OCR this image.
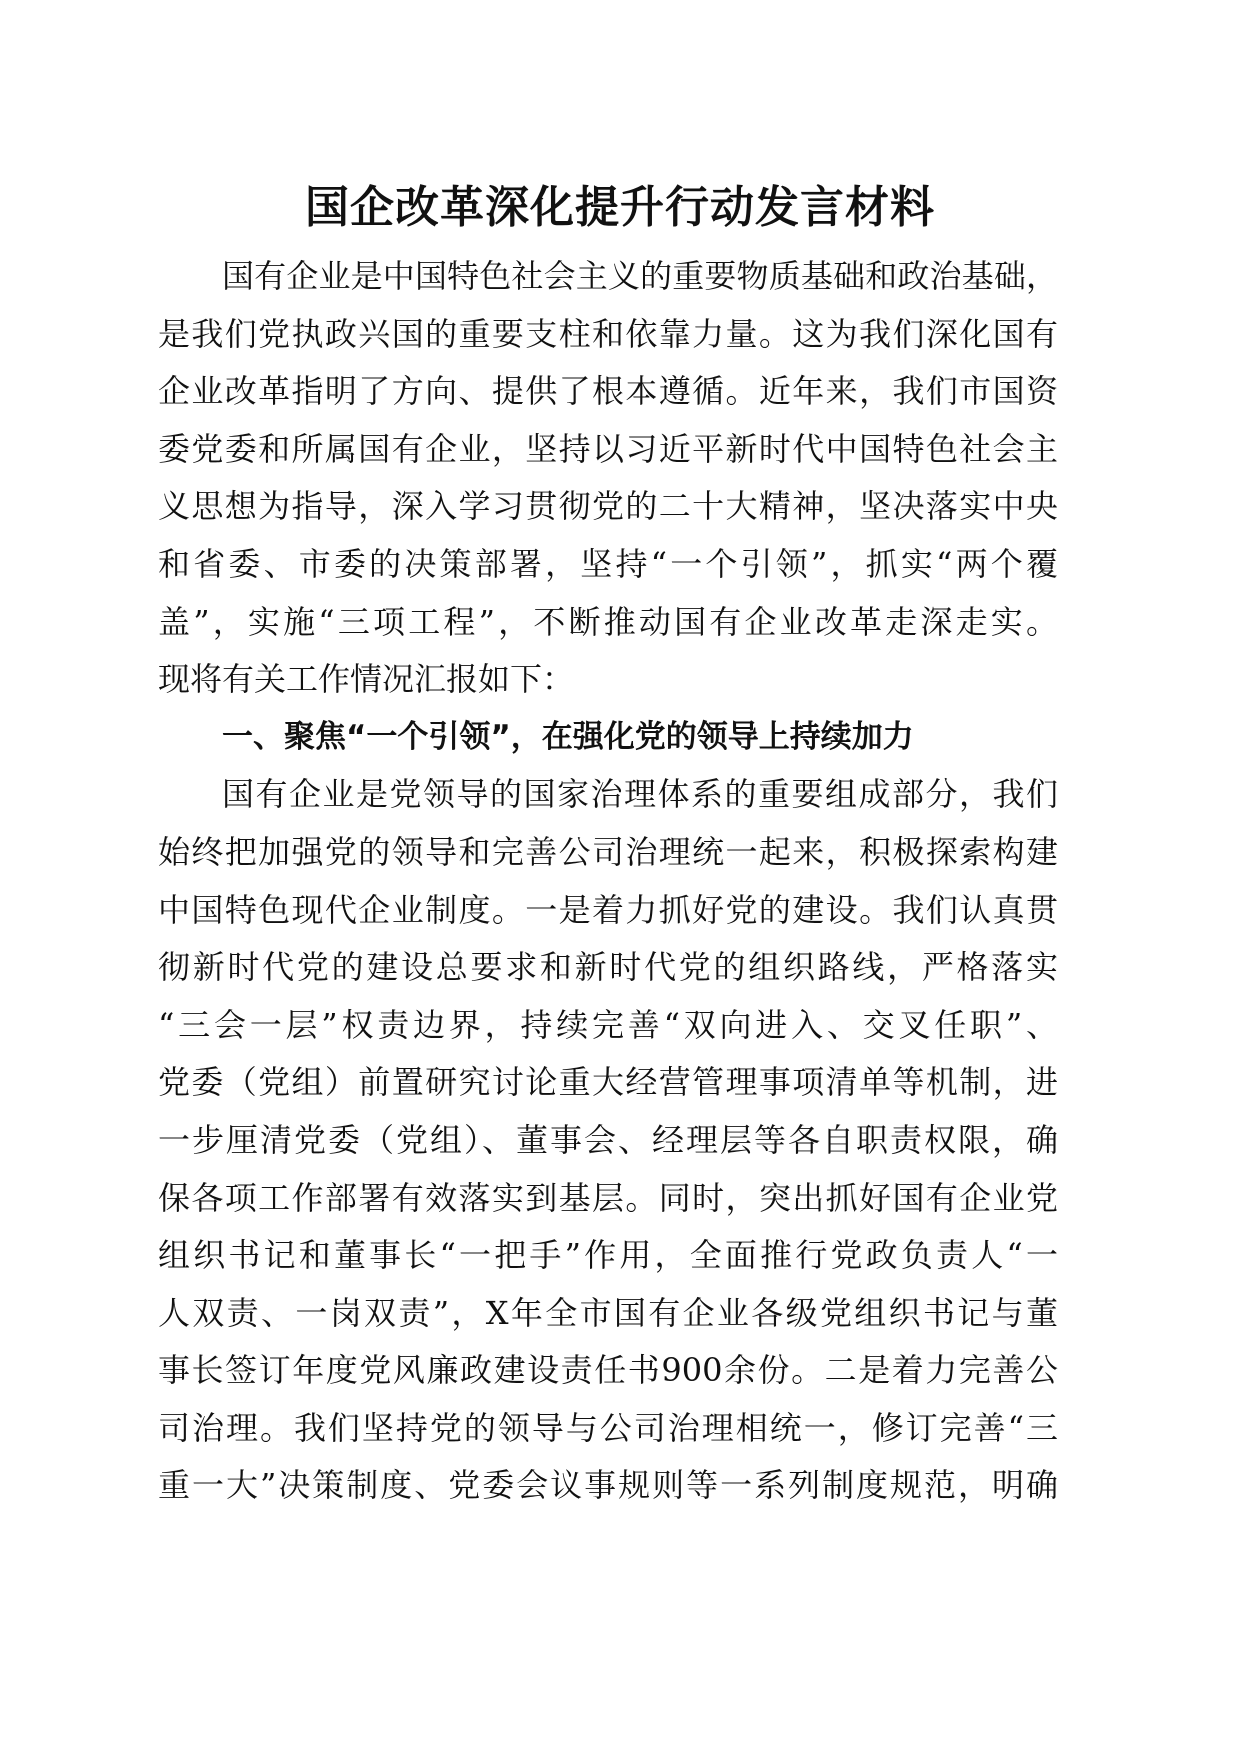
国企改革深化提升行动发言材料
国有企业是中国特色社会主义的重要物质基础和政治基础，
是我们党执政兴国的重要支柱和依靠力量。这为我们深化国有
企业改革指明了方向、提供了根本遵循。近年来，我们市国资
委党委和所属国有企业，坚持以习近平新时代中国特色社会主
义思想为指导，深入学习贯彻党的二十大精神，坚决落实中央
和省委、市委的决策部署，坚持“一个引领”，抓实“两个覆
盖”，实施“三项工程”，不断推动国有企业改革走深走实。
现将有关工作情况汇报如下：
一、聚焦“一个引领”，在强化党的领导上持续加力
国有企业是党领导的国家治理体系的重要组成部分，我们
始终把加强党的领导和完善公司治理统一起来，积极探索构建
中国特色现代企业制度。一是着力抓好党的建设。我们认真贯
彻新时代党的建设总要求和新时代党的组织路线，严格落实
“三会一层”权责边界，持续完善“双向进入、交叉任职”、
党委（党组）前置研究讨论重大经营管理事项清单等机制，进
一步厘清党委（党组）、董事会、经理层等各自职责权限，确
保各项工作部署有效落实到基层。同时，突出抓好国有企业党
组织书记和董事长“一把手”作用，全面推行党政负责人“一
人双责、一岗双责”，X年全市国有企业各级党组织书记与董
事长签订年度党风廉政建设责任书900余份。二是着力完善公
司治理。我们坚持党的领导与公司治理相统一，修订完善“三
重一大”决策制度、党委会议事规则等一系列制度规范，明确
